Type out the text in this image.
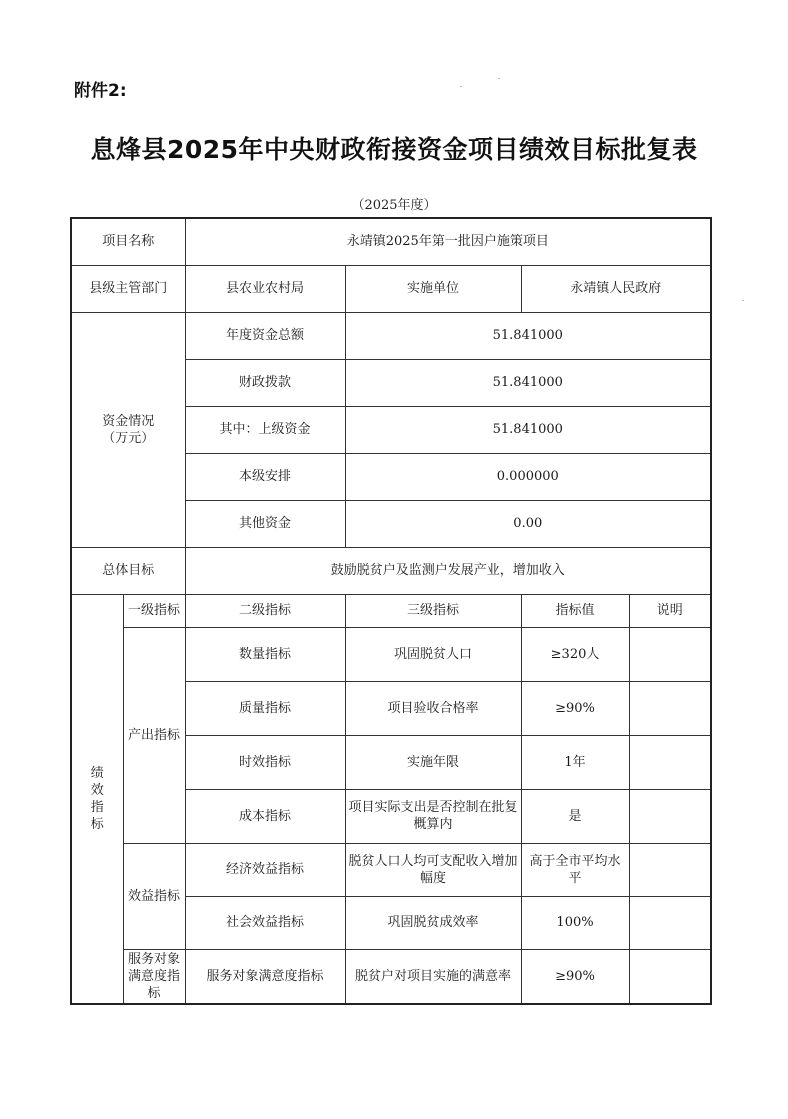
附件2:
息烽县2025年中央财政衔接资金项目绩效目标批复表
（2025年度）
项目名称		永靖镇2025年第一批因户施策项目			
县级主管部门		县农业农村局	实施单位	永靖镇人民政府	

资金情况
（万元）		年度资金总额	51.841000		
		财政拨款	51.841000		
		其中：上级资金	51.841000		
		本级安排	0.000000		
		其他资金	0.00		
总体目标		鼓励脱贫户及监测户发展产业，增加收入			

绩
效
指
标	一级指标	二级指标	三级指标	指标值	说明
	产出指标	数量指标	巩固脱贫人口	≥320人	
		质量指标	项目验收合格率	≥90%	
		时效指标	实施年限	1年	
		成本指标	项目实际支出是否控制在批复概算内	是	
	效益指标	经济效益指标	脱贫人口人均可支配收入增加幅度	高于全市平均水平	
		社会效益指标	巩固脱贫成效率	100%	
	服务对象满意度指标	服务对象满意度指标	脱贫户对项目实施的满意率	≥90%	
